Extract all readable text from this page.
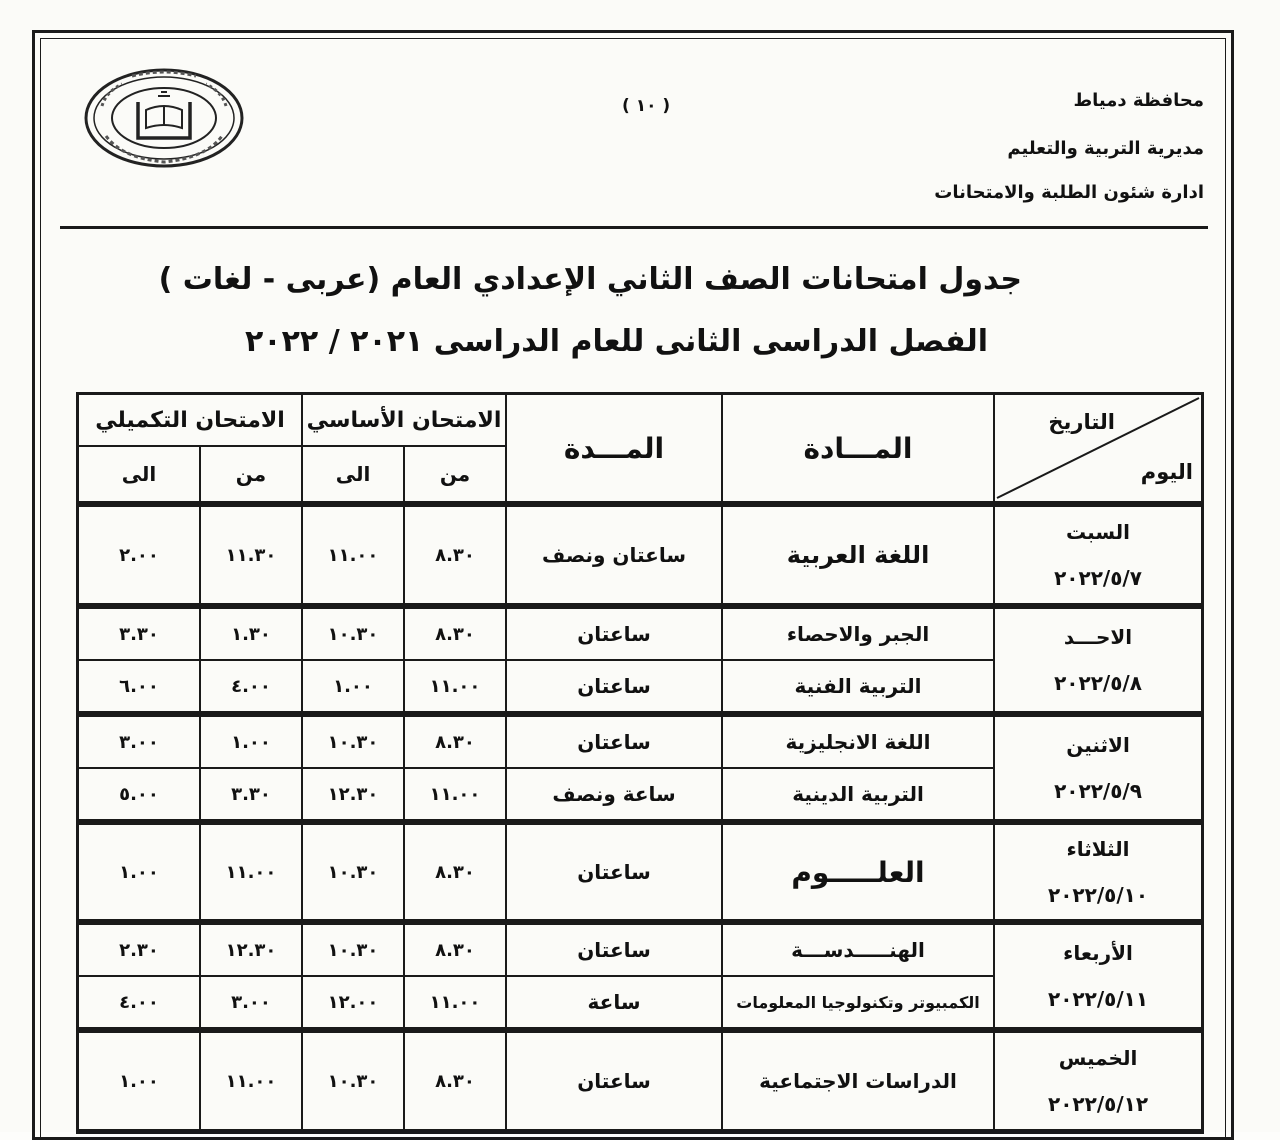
محافظة دمياط
مديرية التربية والتعليم
ادارة شئون الطلبة والامتحانات
( ١٠ )
جدول امتحانات الصف الثاني الإعدادي العام (عربى - لغات )
الفصل الدراسى الثانى للعام الدراسى ٢٠٢١ / ٢٠٢٢
التاريخ
اليوم	المـــادة	المـــدة	الامتحان الأساسي		الامتحان التكميلي	
			من	الى	من	الى

السبت
٢٠٢٢/٥/٧	اللغة العربية	ساعتان ونصف	٨.٣٠	١١.٠٠	١١.٣٠	٢.٠٠

الاحـــد
٢٠٢٢/٥/٨	الجبر والاحصاء	ساعتان	٨.٣٠	١٠.٣٠	١.٣٠	٣.٣٠
	التربية الفنية	ساعتان	١١.٠٠	١.٠٠	٤.٠٠	٦.٠٠

الاثنين
٢٠٢٢/٥/٩	اللغة الانجليزية	ساعتان	٨.٣٠	١٠.٣٠	١.٠٠	٣.٠٠
	التربية الدينية	ساعة ونصف	١١.٠٠	١٢.٣٠	٣.٣٠	٥.٠٠

الثلاثاء
٢٠٢٢/٥/١٠	العلـــــوم	ساعتان	٨.٣٠	١٠.٣٠	١١.٠٠	١.٠٠

الأربعاء
٢٠٢٢/٥/١١	الهنـــــدســـة	ساعتان	٨.٣٠	١٠.٣٠	١٢.٣٠	٢.٣٠
	الكمبيوتر وتكنولوجيا المعلومات	ساعة	١١.٠٠	١٢.٠٠	٣.٠٠	٤.٠٠

الخميس
٢٠٢٢/٥/١٢	الدراسات الاجتماعية	ساعتان	٨.٣٠	١٠.٣٠	١١.٠٠	١.٠٠
